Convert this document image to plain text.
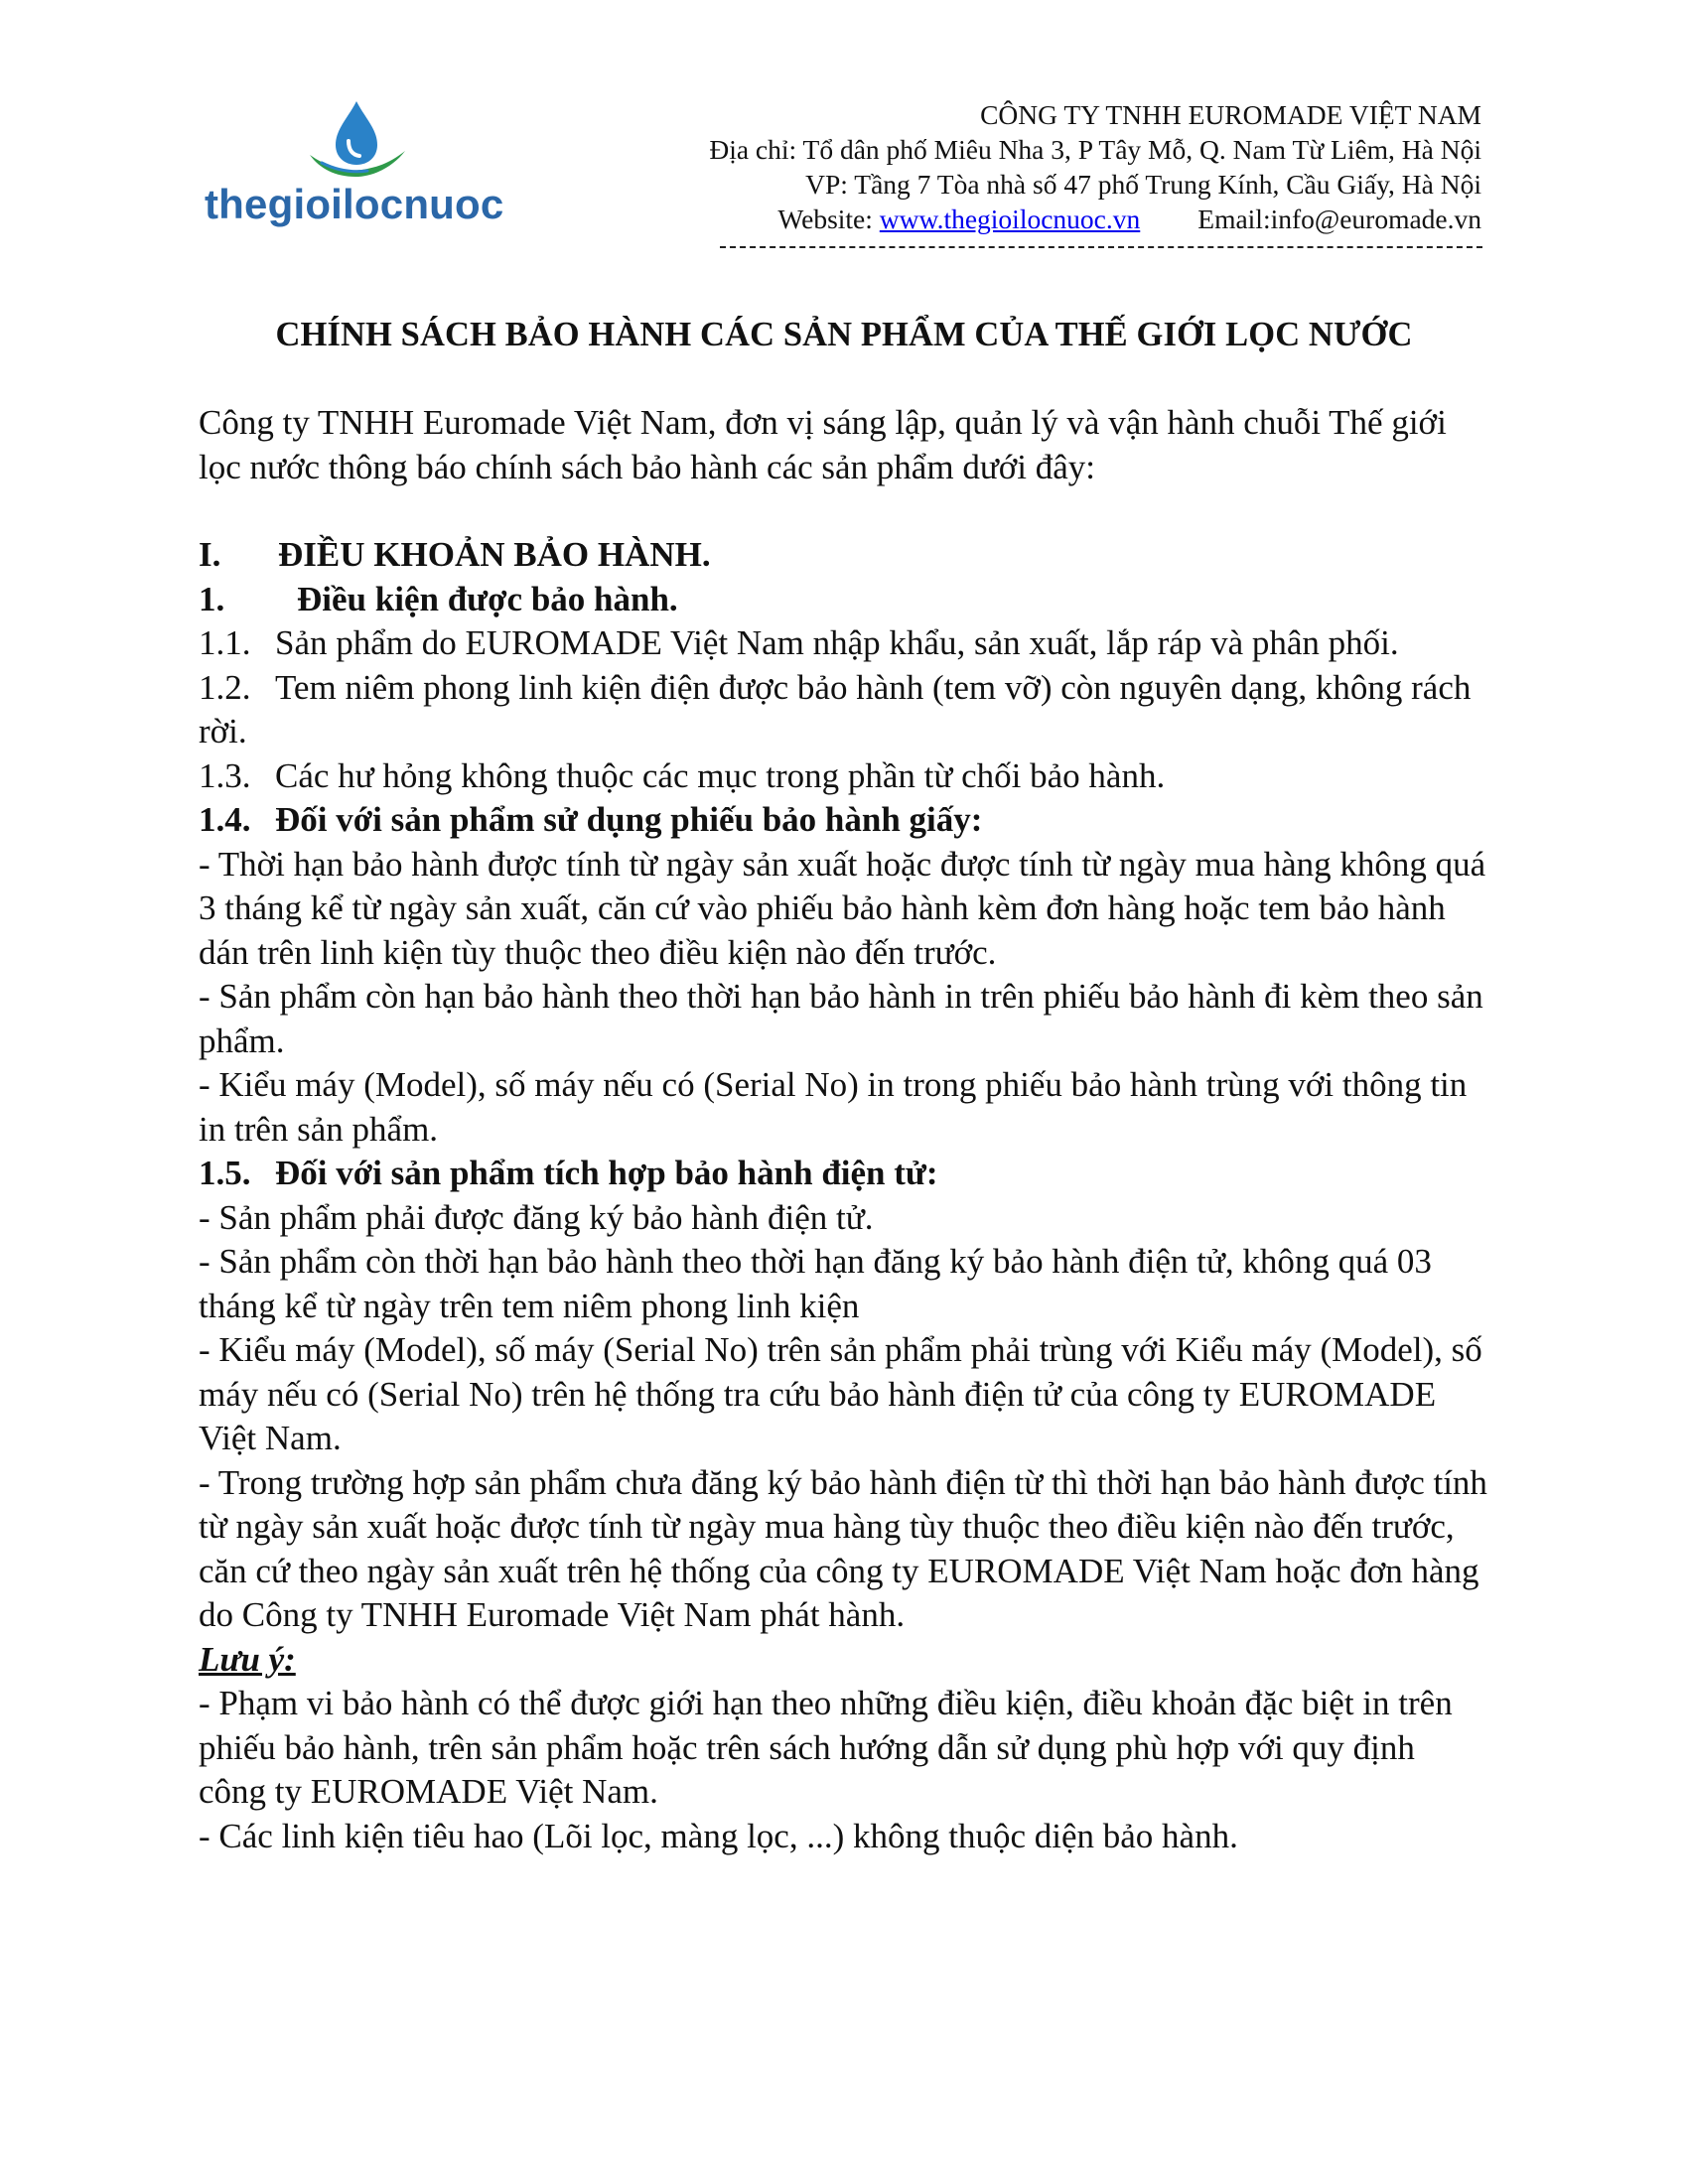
thegioilocnuoc
CÔNG TY TNHH EUROMADE VIỆT NAM
Địa chỉ: Tổ dân phố Miêu Nha 3, P Tây Mỗ, Q. Nam Từ Liêm, Hà Nội
VP: Tầng 7 Tòa nhà số 47 phố Trung Kính, Cầu Giấy, Hà Nội
Website: www.thegioilocnuoc.vn Email:info@euromade.vn
CHÍNH SÁCH BẢO HÀNH CÁC SẢN PHẨM CỦA THẾ GIỚI LỌC NƯỚC

Công ty TNHH Euromade Việt Nam, đơn vị sáng lập, quản lý và vận hành chuỗi Thế giới lọc nước thông báo chính sách bảo hành các sản phẩm dưới đây:

I. ĐIỀU KHOẢN BẢO HÀNH.

1. Điều kiện được bảo hành.

1.1. Sản phẩm do EUROMADE Việt Nam nhập khẩu, sản xuất, lắp ráp và phân phối.

1.2. Tem niêm phong linh kiện điện được bảo hành (tem vỡ) còn nguyên dạng, không rách rời.

1.3. Các hư hỏng không thuộc các mục trong phần từ chối bảo hành.

1.4. Đối với sản phẩm sử dụng phiếu bảo hành giấy:

- Thời hạn bảo hành được tính từ ngày sản xuất hoặc được tính từ ngày mua hàng không quá 3 tháng kể từ ngày sản xuất, căn cứ vào phiếu bảo hành kèm đơn hàng hoặc tem bảo hành dán trên linh kiện tùy thuộc theo điều kiện nào đến trước.

- Sản phẩm còn hạn bảo hành theo thời hạn bảo hành in trên phiếu bảo hành đi kèm theo sản phẩm.

- Kiểu máy (Model), số máy nếu có (Serial No) in trong phiếu bảo hành trùng với thông tin in trên sản phẩm.

1.5. Đối với sản phẩm tích hợp bảo hành điện tử:

- Sản phẩm phải được đăng ký bảo hành điện tử.

- Sản phẩm còn thời hạn bảo hành theo thời hạn đăng ký bảo hành điện tử, không quá 03 tháng kể từ ngày trên tem niêm phong linh kiện

- Kiểu máy (Model), số máy (Serial No) trên sản phẩm phải trùng với Kiểu máy (Model), số máy nếu có (Serial No) trên hệ thống tra cứu bảo hành điện tử của công ty EUROMADE Việt Nam.

- Trong trường hợp sản phẩm chưa đăng ký bảo hành điện từ thì thời hạn bảo hành được tính từ ngày sản xuất hoặc được tính từ ngày mua hàng tùy thuộc theo điều kiện nào đến trước, căn cứ theo ngày sản xuất trên hệ thống của công ty EUROMADE Việt Nam hoặc đơn hàng do Công ty TNHH Euromade Việt Nam phát hành.

Lưu ý:

- Phạm vi bảo hành có thể được giới hạn theo những điều kiện, điều khoản đặc biệt in trên phiếu bảo hành, trên sản phẩm hoặc trên sách hướng dẫn sử dụng phù hợp với quy định công ty EUROMADE Việt Nam.

- Các linh kiện tiêu hao (Lõi lọc, màng lọc, ...) không thuộc diện bảo hành.
